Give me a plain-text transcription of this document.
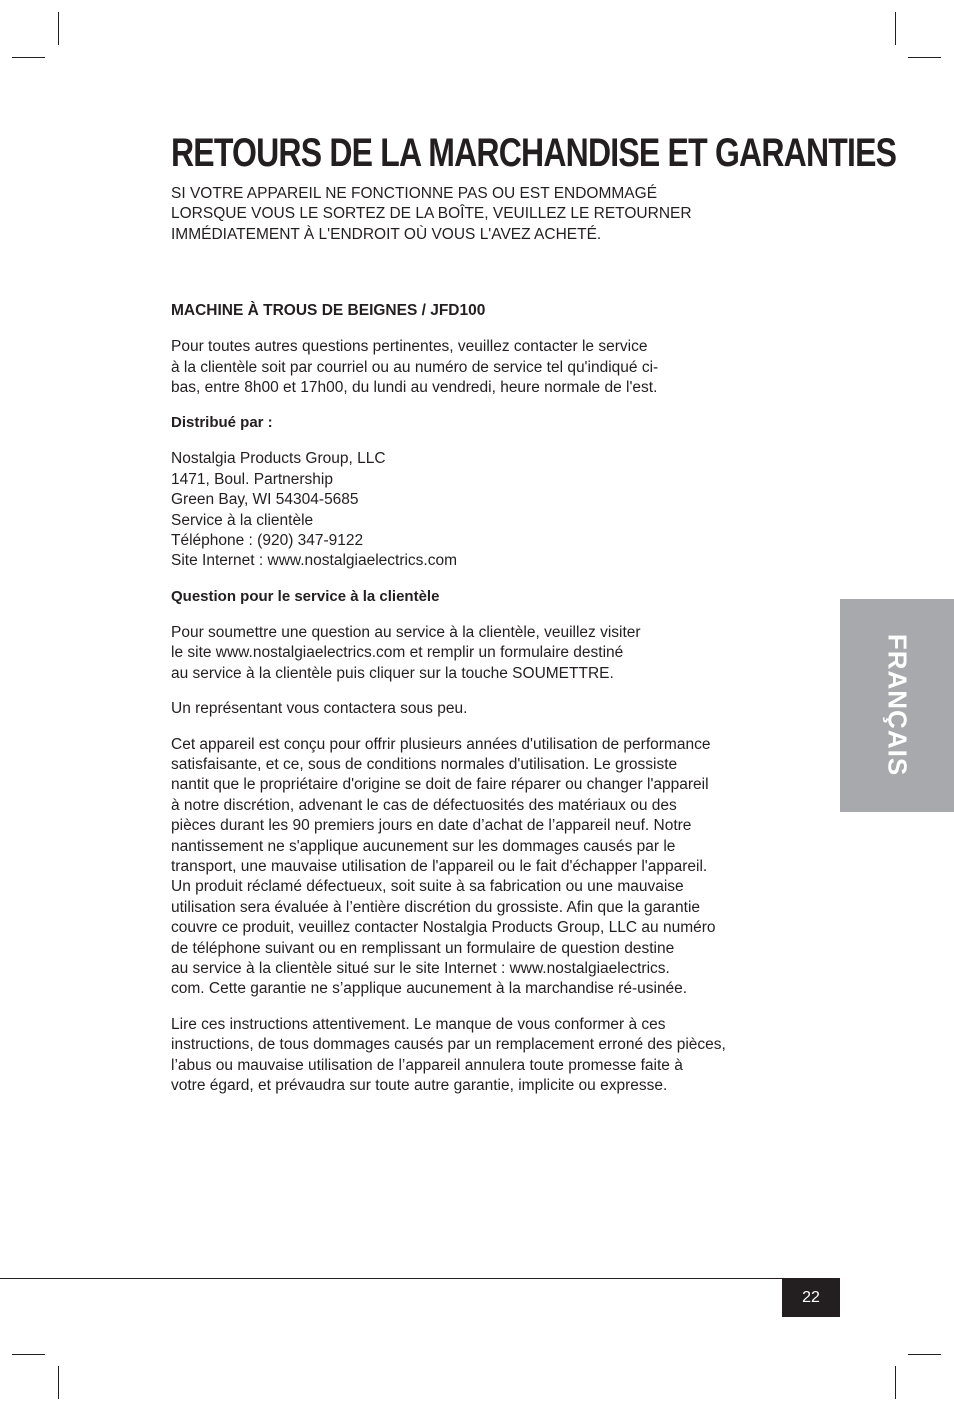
RETOURS DE LA MARCHANDISE ET GARANTIES

SI VOTRE APPAREIL NE FONCTIONNE PAS OU EST ENDOMMAGÉ
LORSQUE VOUS LE SORTEZ DE LA BOÎTE, VEUILLEZ LE RETOURNER
IMMÉDIATEMENT À L'ENDROIT OÙ VOUS L'AVEZ ACHETÉ.

MACHINE À TROUS DE BEIGNES / JFD100

Pour toutes autres questions pertinentes, veuillez contacter le service
à la clientèle soit par courriel ou au numéro de service tel qu'indiqué ci-
bas, entre 8h00 et 17h00, du lundi au vendredi, heure normale de l'est.

Distribué par :

Nostalgia Products Group, LLC
1471, Boul. Partnership
Green Bay, WI 54304-5685
Service à la clientèle
Téléphone : (920) 347-9122
Site Internet : www.nostalgiaelectrics.com

Question pour le service à la clientèle

Pour soumettre une question au service à la clientèle, veuillez visiter
le site www.nostalgiaelectrics.com et remplir un formulaire destiné
au service à la clientèle puis cliquer sur la touche SOUMETTRE.

Un représentant vous contactera sous peu.

Cet appareil est conçu pour offrir plusieurs années d'utilisation de performance
satisfaisante, et ce, sous de conditions normales d'utilisation. Le grossiste
nantit que le propriétaire d'origine se doit de faire réparer ou changer l'appareil
à notre discrétion, advenant le cas de défectuosités des matériaux ou des
pièces durant les 90 premiers jours en date d’achat de l’appareil neuf. Notre
nantissement ne s'applique aucunement sur les dommages causés par le
transport, une mauvaise utilisation de l'appareil ou le fait d'échapper l'appareil.
Un produit réclamé défectueux, soit suite à sa fabrication ou une mauvaise
utilisation sera évaluée à l’entière discrétion du grossiste. Afin que la garantie
couvre ce produit, veuillez contacter Nostalgia Products Group, LLC au numéro
de téléphone suivant ou en remplissant un formulaire de question destine
au service à la clientèle situé sur le site Internet : www.nostalgiaelectrics.
com. Cette garantie ne s’applique aucunement à la marchandise ré-usinée.

Lire ces instructions attentivement. Le manque de vous conformer à ces
instructions, de tous dommages causés par un remplacement erroné des pièces,
l’abus ou mauvaise utilisation de l’appareil annulera toute promesse faite à
votre égard, et prévaudra sur toute autre garantie, implicite ou expresse.

FRANÇAIS
22
